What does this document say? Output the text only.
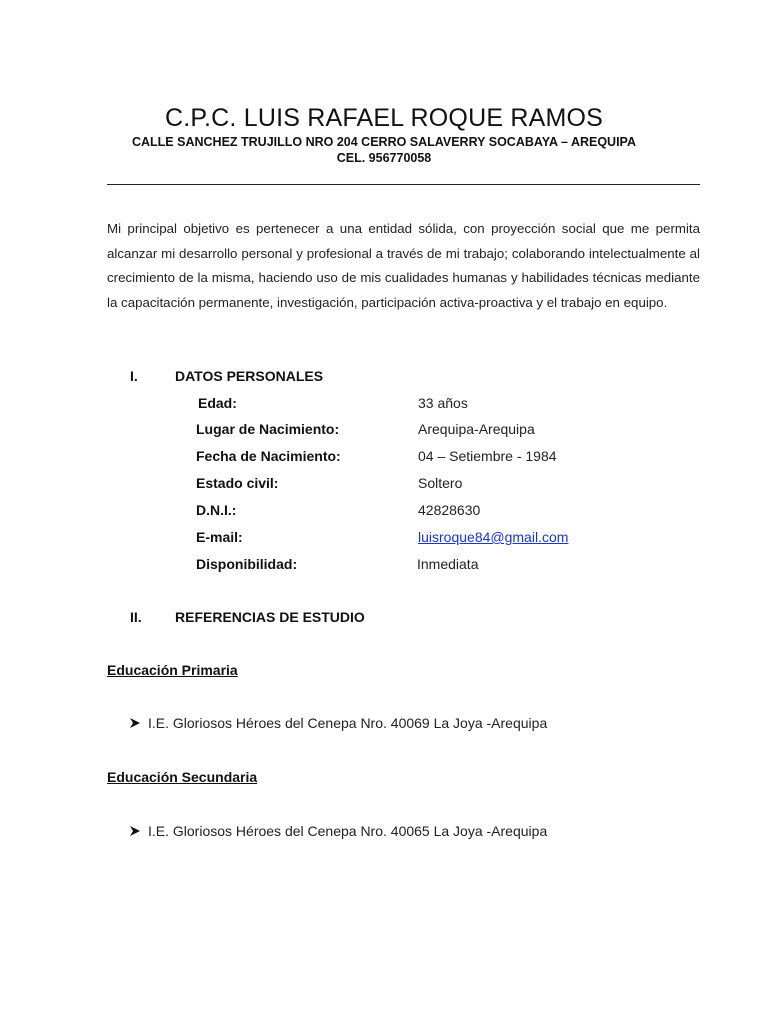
C.P.C. LUIS RAFAEL ROQUE RAMOS
CALLE SANCHEZ TRUJILLO NRO 204 CERRO SALAVERRY SOCABAYA – AREQUIPA
CEL. 956770058

Mi principal objetivo es pertenecer a una entidad sólida, con proyección social que me permita alcanzar mi desarrollo personal y profesional a través de mi trabajo; colaborando intelectualmente al crecimiento de la misma, haciendo uso de mis cualidades humanas y habilidades técnicas mediante la capacitación permanente, investigación, participación activa-proactiva y el trabajo en equipo.

I.	DATOS PERSONALES
Edad:	33 años
Lugar de Nacimiento:	Arequipa-Arequipa
Fecha de Nacimiento:	04 – Setiembre - 1984
Estado civil:	Soltero
D.N.I.:	42828630
E-mail:	luisroque84@gmail.com
Disponibilidad:	Inmediata
II. REFERENCIAS DE ESTUDIO
Educación Primaria
I.E. Gloriosos Héroes del Cenepa Nro. 40069 La Joya -Arequipa
Educación Secundaria
I.E. Gloriosos Héroes del Cenepa Nro. 40065 La Joya -Arequipa
